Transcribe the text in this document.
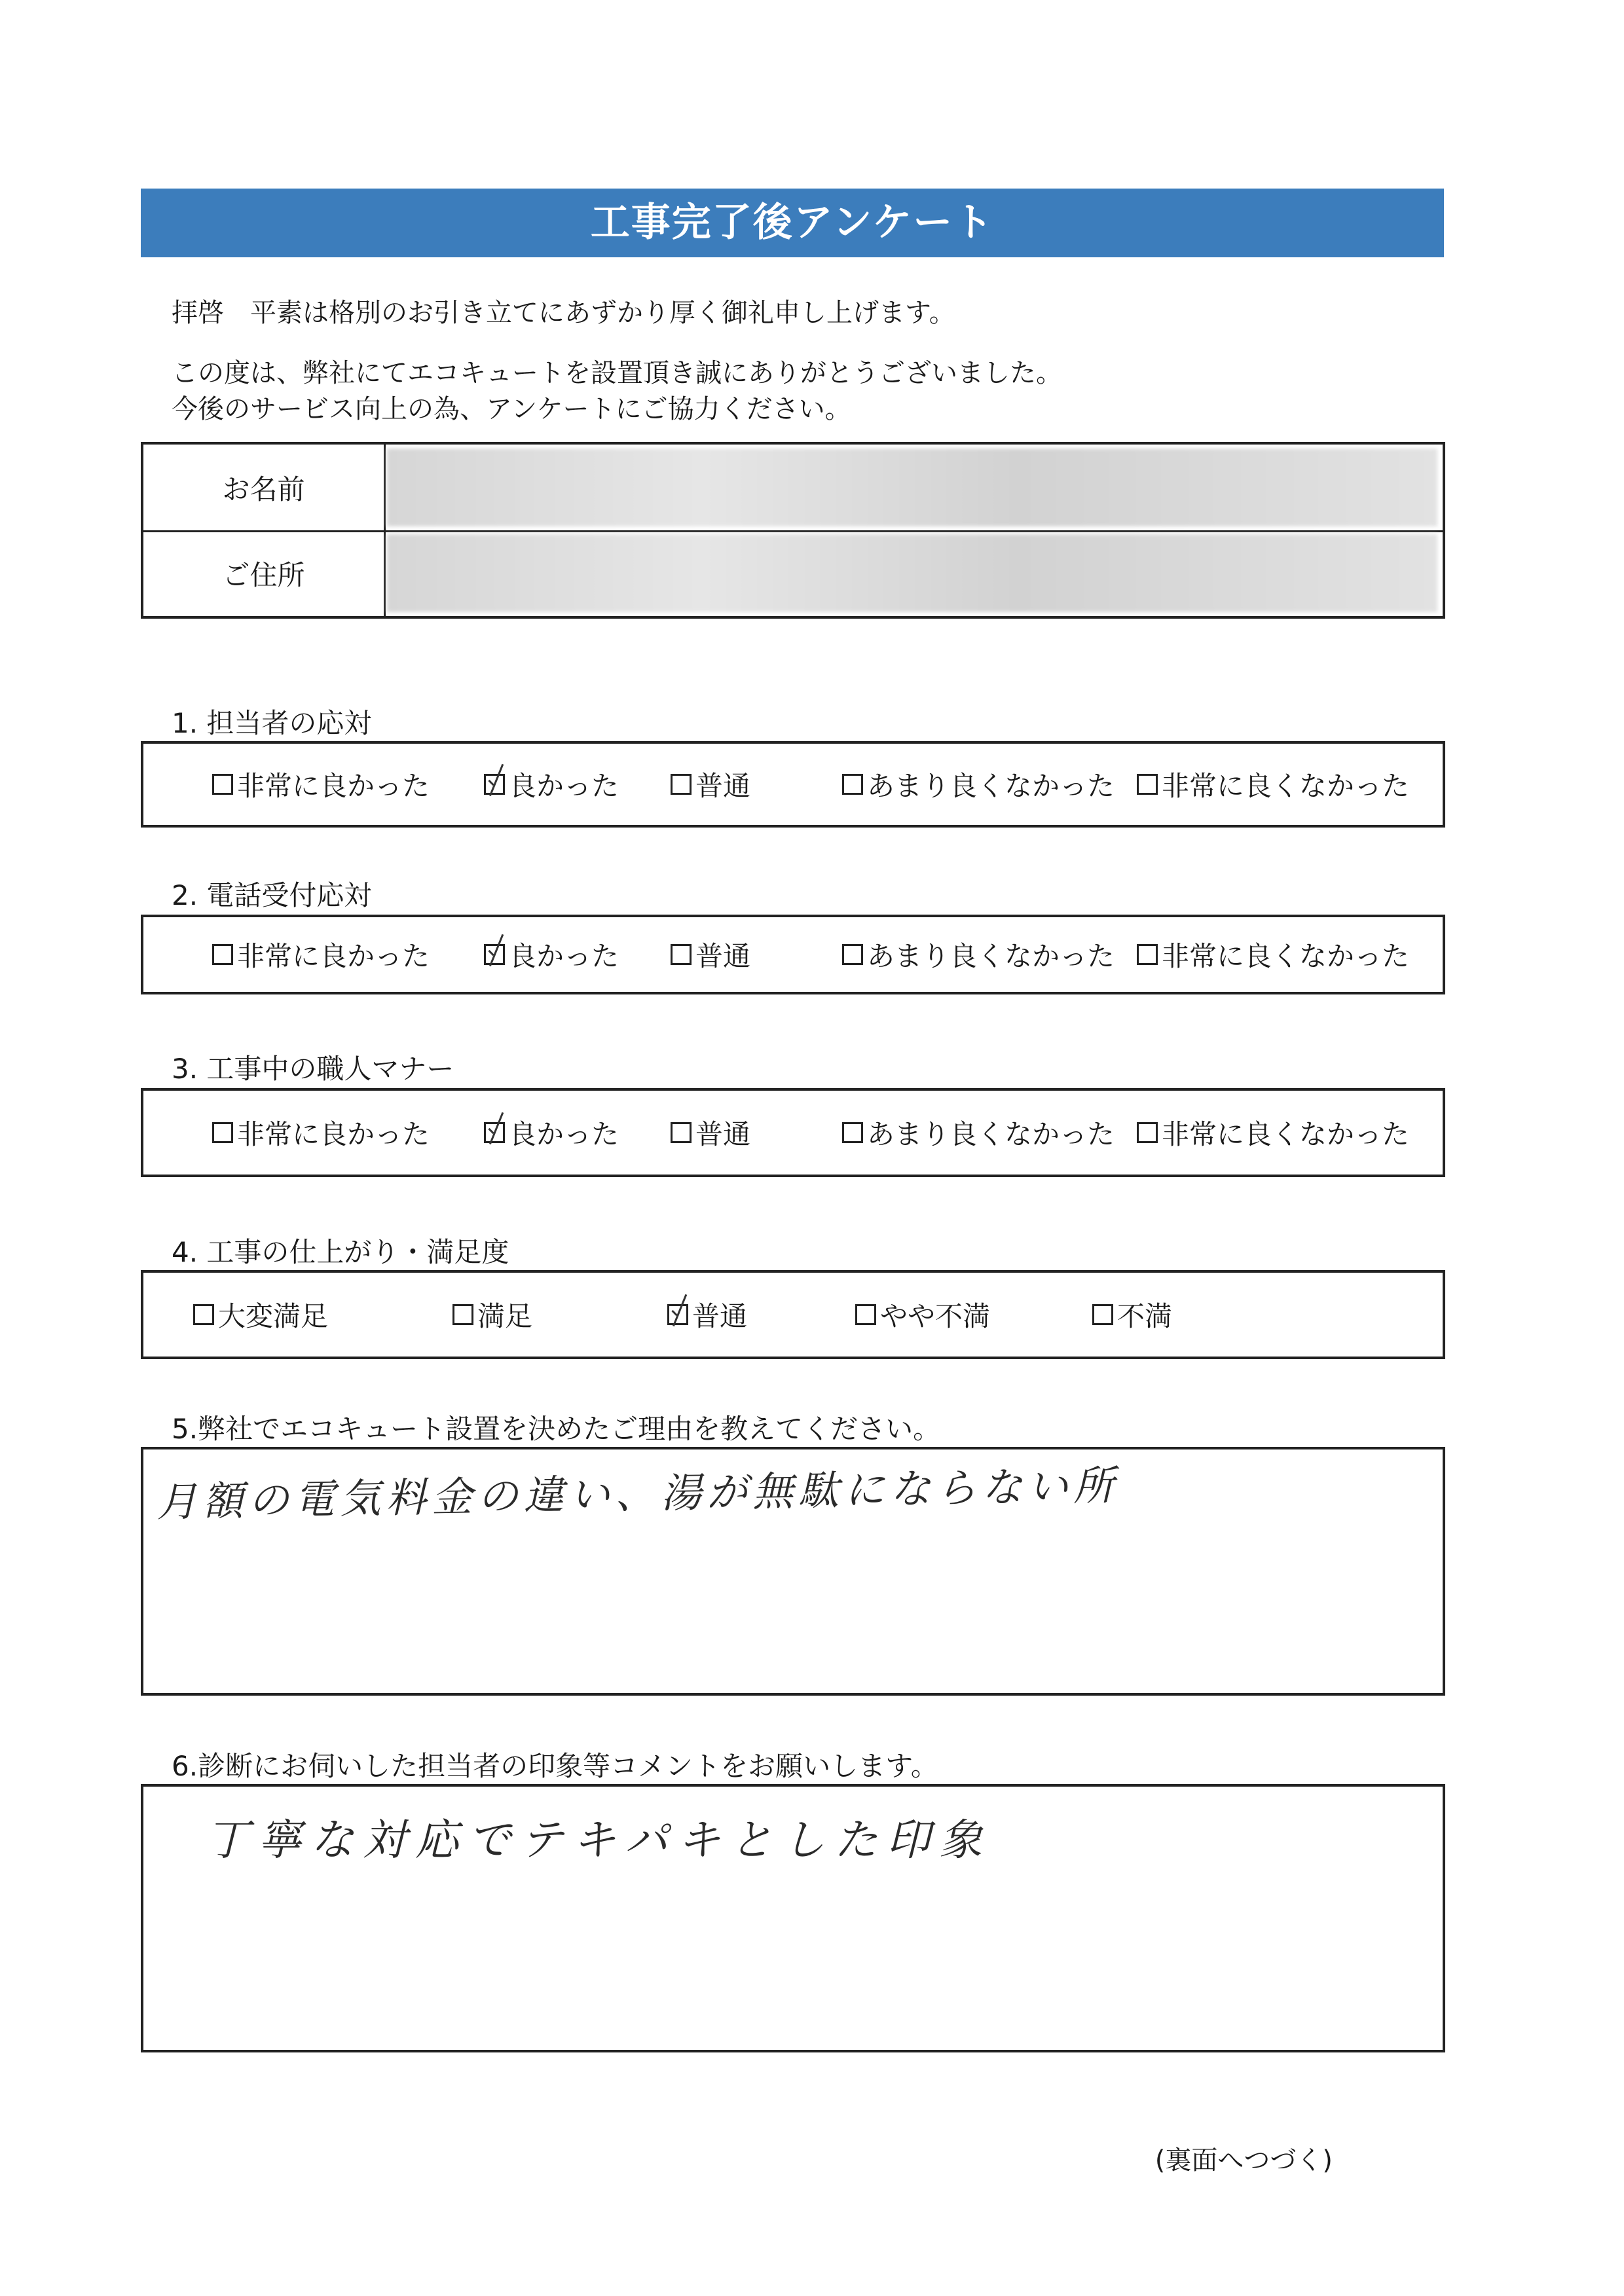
工事完了後アンケート
拝啓　平素は格別のお引き立てにあずかり厚く御礼申し上げます。
この度は、弊社にてエコキュートを設置頂き誠にありがとうございました。
今後のサービス向上の為、アンケートにご協力ください。
お名前
ご住所
1. 担当者の応対
非常に良かった	良かった	普通	あまり良くなかった 非常に良くなかった
2. 電話受付応対
非常に良かった	良かった	普通	あまり良くなかった 非常に良くなかった
3. 工事中の職人マナー
非常に良かった	良かった	普通	あまり良くなかった 非常に良くなかった
4. 工事の仕上がり・満足度
大変満足	満足	普通	やや不満	不満
5.弊社でエコキュート設置を決めたご理由を教えてください。
月額の電気料金の違い、湯が無駄にならない所
6.診断にお伺いした担当者の印象等コメントをお願いします。
丁寧な対応でテキパキとした印象
(裏面へつづく)
